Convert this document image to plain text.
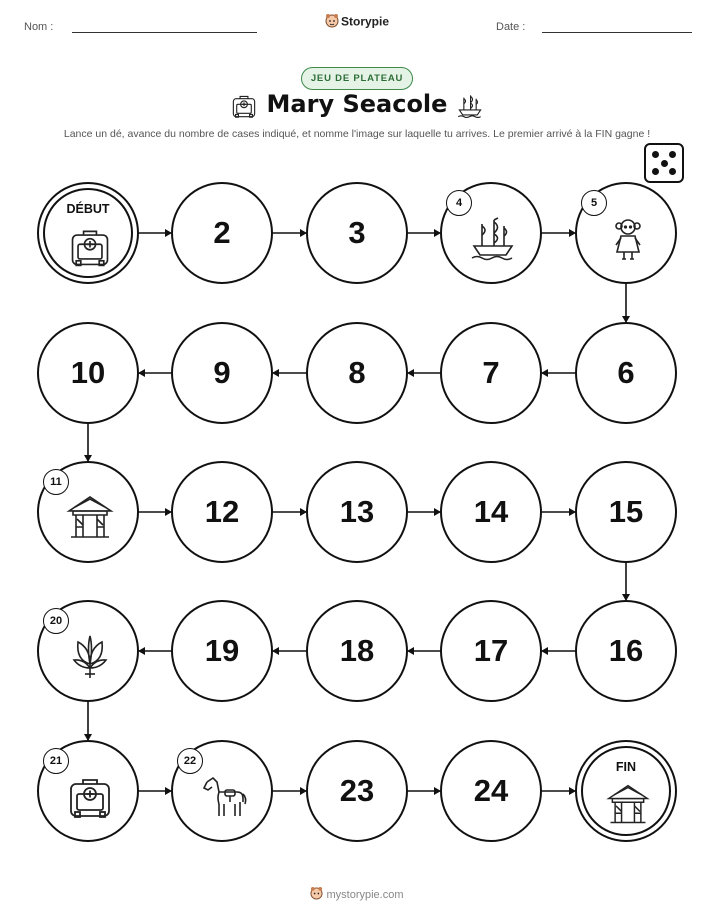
Nom :	Storypie	Date :
JEU DE PLATEAU
Mary Seacole
Lance un dé, avance du nombre de cases indiqué, et nomme l'image sur laquelle tu arrives. Le premier arrivé à la FIN gagne !
DÉBUT
2	3
4	5
6
7
8
9
10
11
12	13	14	15
16
17
18
19
20
21	22
23	24
FIN
mystorypie.com
